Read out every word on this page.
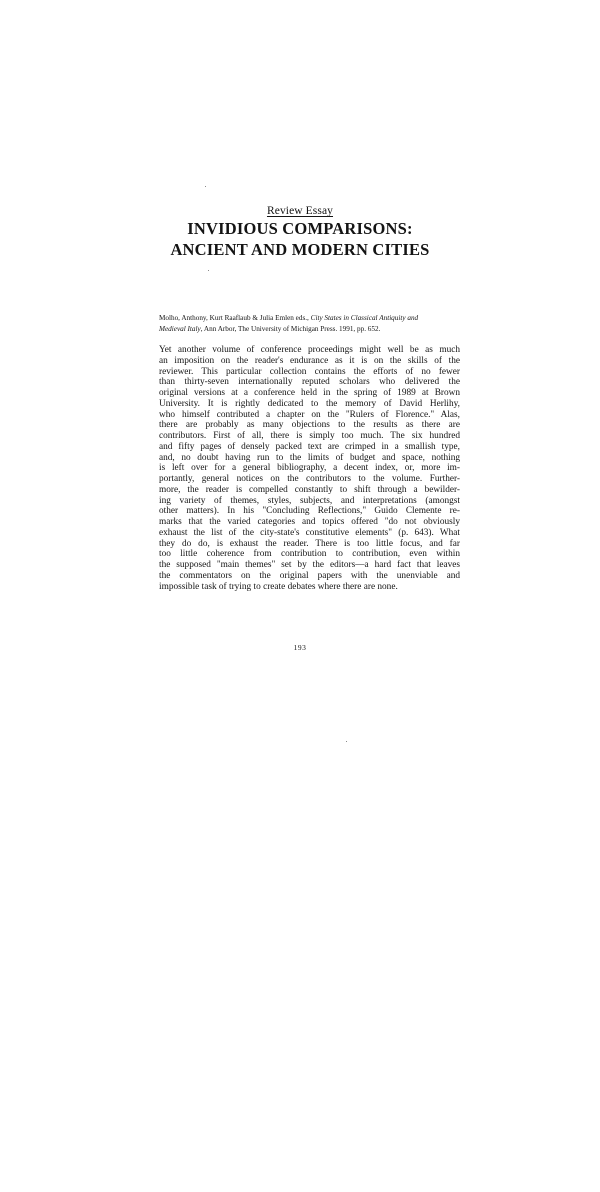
Review Essay
INVIDIOUS COMPARISONS:
ANCIENT AND MODERN CITIES
Molho, Anthony, Kurt Raaflaub & Julia Emlen eds., City States in Classical Antiquity and
Medieval Italy, Ann Arbor, The University of Michigan Press. 1991, pp. 652.
Yet another volume of conference proceedings might well be as much
an imposition on the reader's endurance as it is on the skills of the
reviewer. This particular collection contains the efforts of no fewer
than thirty-seven internationally reputed scholars who delivered the
original versions at a conference held in the spring of 1989 at Brown
University. It is rightly dedicated to the memory of David Herlihy,
who himself contributed a chapter on the "Rulers of Florence." Alas,
there are probably as many objections to the results as there are
contributors. First of all, there is simply too much. The six hundred
and fifty pages of densely packed text are crimped in a smallish type,
and, no doubt having run to the limits of budget and space, nothing
is left over for a general bibliography, a decent index, or, more im-
portantly, general notices on the contributors to the volume. Further-
more, the reader is compelled constantly to shift through a bewilder-
ing variety of themes, styles, subjects, and interpretations (amongst
other matters). In his "Concluding Reflections," Guido Clemente re-
marks that the varied categories and topics offered "do not obviously
exhaust the list of the city-state's constitutive elements" (p. 643). What
they do do, is exhaust the reader. There is too little focus, and far
too little coherence from contribution to contribution, even within
the supposed "main themes" set by the editors—a hard fact that leaves
the commentators on the original papers with the unenviable and
impossible task of trying to create debates where there are none.
193
